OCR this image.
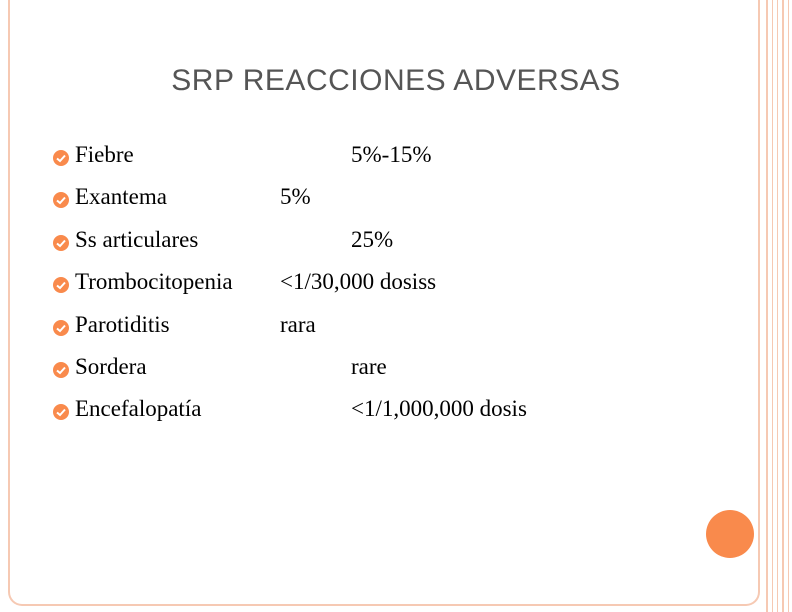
SRP REACCIONES ADVERSAS
Fiebre	5%-15%
Exantema	5%
Ss articulares	25%
Trombocitopenia <1/30,000 dosiss
Parotiditis	rara
Sordera	rare
Encefalopatía	<1/1,000,000 dosis
